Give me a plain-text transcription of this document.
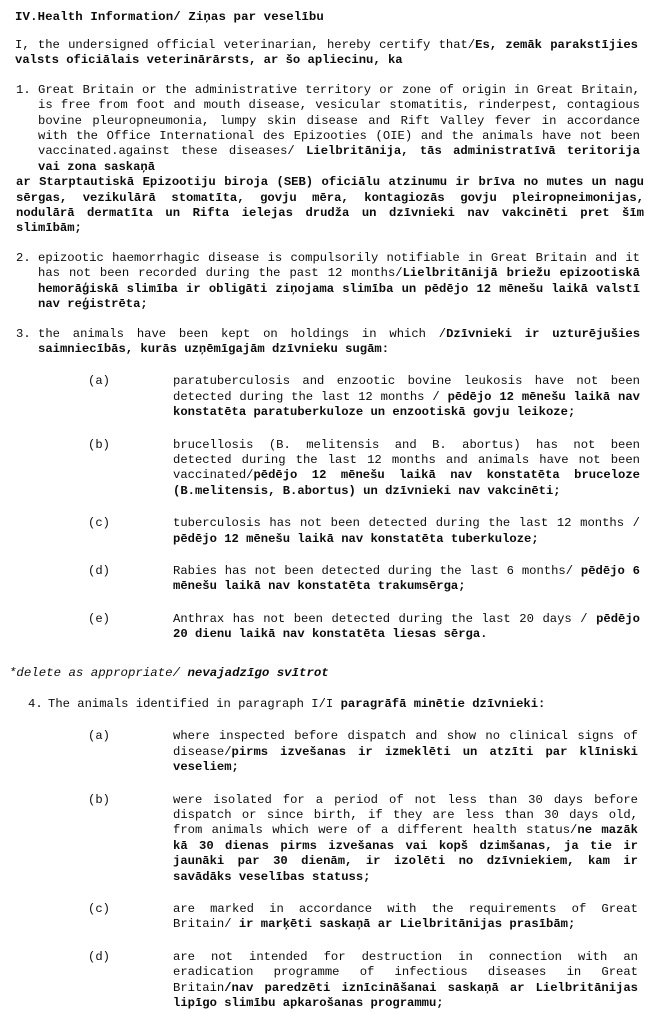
IV.Health Information/ Ziņas par veselību
I, the undersigned official veterinarian, hereby certify that/Es, zemāk parakstījies valsts oficiālais veterinārārsts, ar šo apliecinu, ka
1. Great Britain or the administrative territory or zone of origin in Great Britain, is free from foot and mouth disease, vesicular stomatitis, rinderpest, contagious bovine pleuropneumonia, lumpy skin disease and Rift Valley fever in accordance with the Office International des Epizooties (OIE) and the animals have not been vaccinated.against these diseases/ Lielbritānija, tās administratīvā teritorija vai zona saskaņā
ar Starptautiskā Epizootiju biroja (SEB) oficiālu atzinumu ir brīva no mutes un nagu sērgas, vezikulārā stomatīta, govju mēra, kontagiozās govju pleiropneimonijas, nodulārā dermatīta un Rifta ielejas drudža un dzīvnieki nav vakcinēti pret šīm slimībām;
2. epizootic haemorrhagic disease is compulsorily notifiable in Great Britain and it has not been recorded during the past 12 months/Lielbritānijā briežu epizootiskā hemorāģiskā slimība ir obligāti ziņojama slimība un pēdējo 12 mēnešu laikā valstī nav reģistrēta;
3. the animals have been kept on holdings in which /Dzīvnieki ir uzturējušies saimniecībās, kurās uzņēmīgajām dzīvnieku sugām:
(a)	paratuberculosis and enzootic bovine leukosis have not been detected during the last 12 months / pēdējo 12 mēnešu laikā nav konstatēta paratuberkuloze un enzootiskā govju leikoze;
(b)	brucellosis (B. melitensis and B. abortus) has not been detected during the last 12 months and animals have not been vaccinated/pēdējo 12 mēnešu laikā nav konstatēta bruceloze (B.melitensis, B.abortus) un dzīvnieki nav vakcinēti;
(c)	tuberculosis has not been detected during the last 12 months / pēdējo 12 mēnešu laikā nav konstatēta tuberkuloze;
(d)	Rabies has not been detected during the last 6 months/ pēdējo 6 mēnešu laikā nav konstatēta trakumsērga;
(e)	Anthrax has not been detected during the last 20 days / pēdējo 20 dienu laikā nav konstatēta liesas sērga.
*delete as appropriate/ nevajadzīgo svītrot
4. The animals identified in paragraph I/I paragrāfā minētie dzīvnieki:
(a)	where inspected before dispatch and show no clinical signs of disease/pirms izvešanas ir izmeklēti un atzīti par klīniski veseliem;
(b)	were isolated for a period of not less than 30 days before dispatch or since birth, if they are less than 30 days old, from animals which were of a different health status/ne mazāk kā 30 dienas pirms izvešanas vai kopš dzimšanas, ja tie ir jaunāki par 30 dienām, ir izolēti no dzīvniekiem, kam ir savādāks veselības statuss;
(c)	are marked in accordance with the requirements of Great Britain/ ir marķēti saskaņā ar Lielbritānijas prasībām;
(d)	are not intended for destruction in connection with an eradication programme of infectious diseases in Great Britain/nav paredzēti iznīcināšanai saskaņā ar Lielbritānijas lipīgo slimību apkarošanas programmu;
